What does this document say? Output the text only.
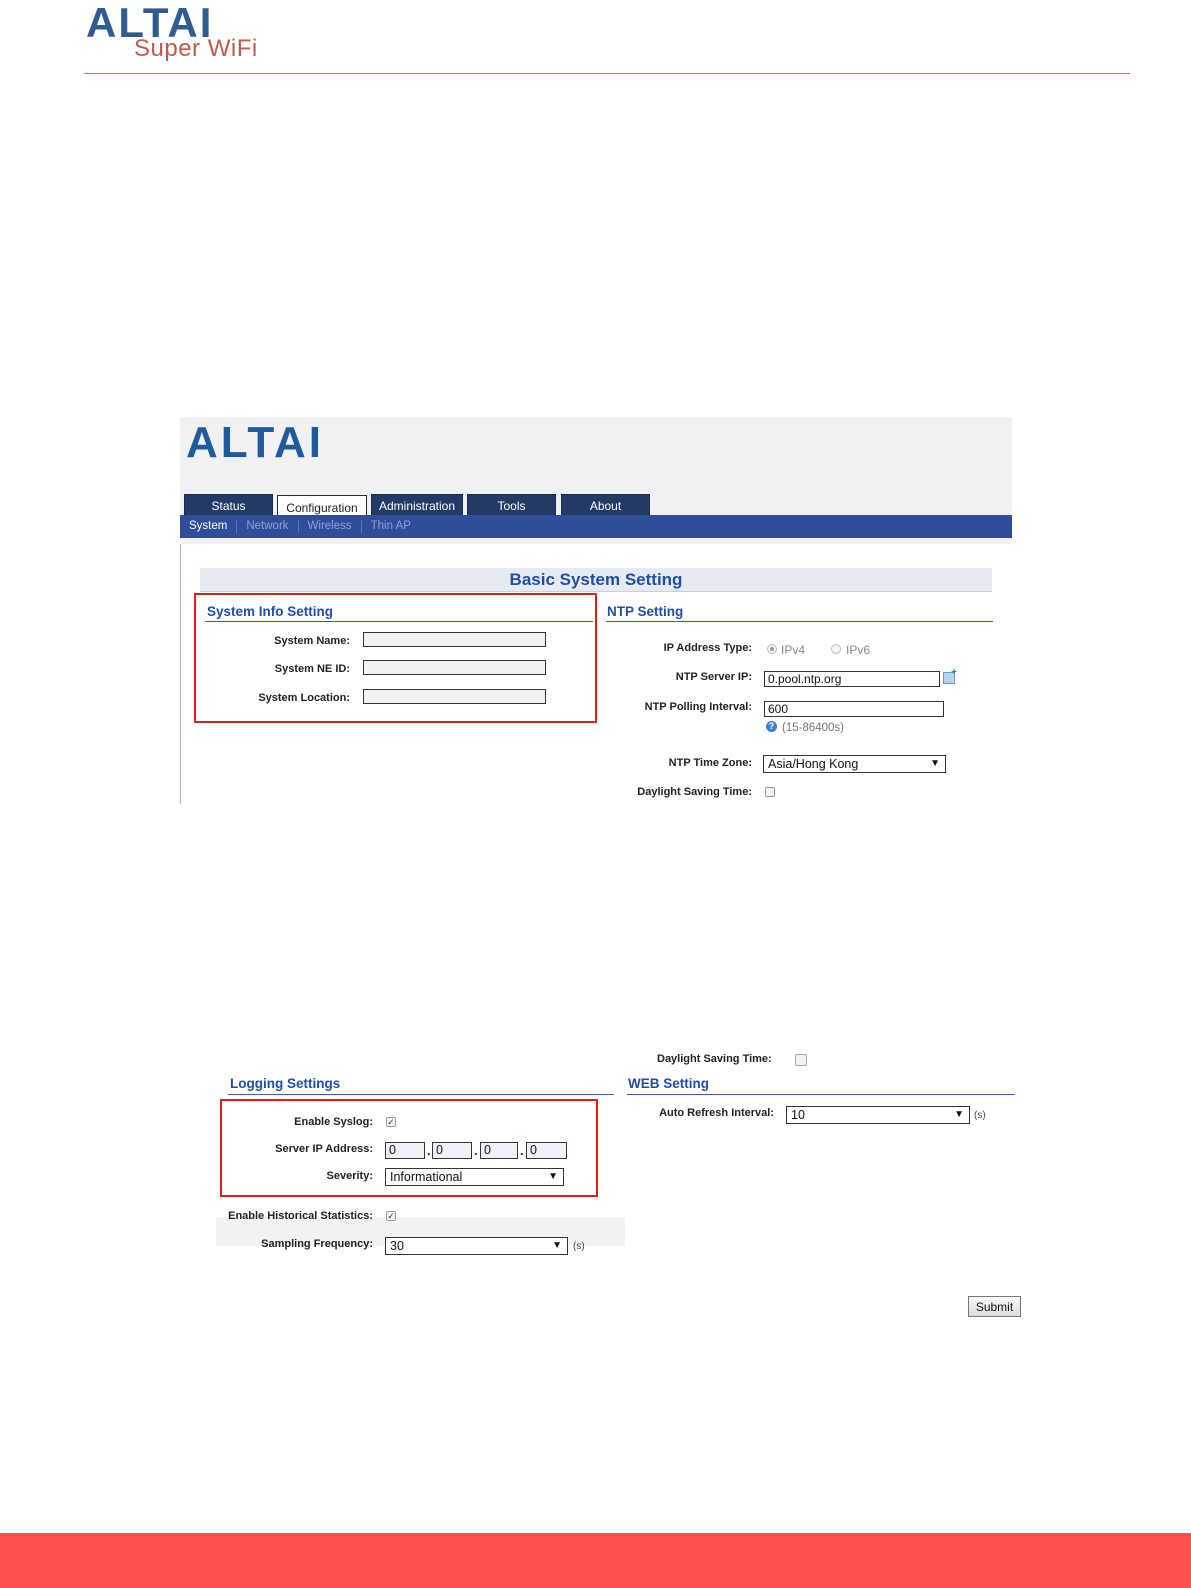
ALTAI
Super WiFi
ALTAI
Status	Configuration	Administration	Tools	About
System	Network	Wireless	Thin AP
Basic System Setting
System Info Setting
System Name:
System NE ID:
System Location:
NTP Setting
IP Address Type: IPv4	IPv6
NTP Server IP:
0.pool.ntp.org
+
NTP Polling Interval:
600
? (15-86400s)
NTP Time Zone:	Asia/Hong Kong	▼
Daylight Saving Time:
Daylight Saving Time:
Logging Settings
Enable Syslog: ✓
Server IP Address:	0	. 0	. 0	. 0
Severity:	Informational	▼
Enable Historical Statistics: ✓
Sampling Frequency:	30	▼ (s)
WEB Setting
Auto Refresh Interval:	10	▼ (s)
Submit
